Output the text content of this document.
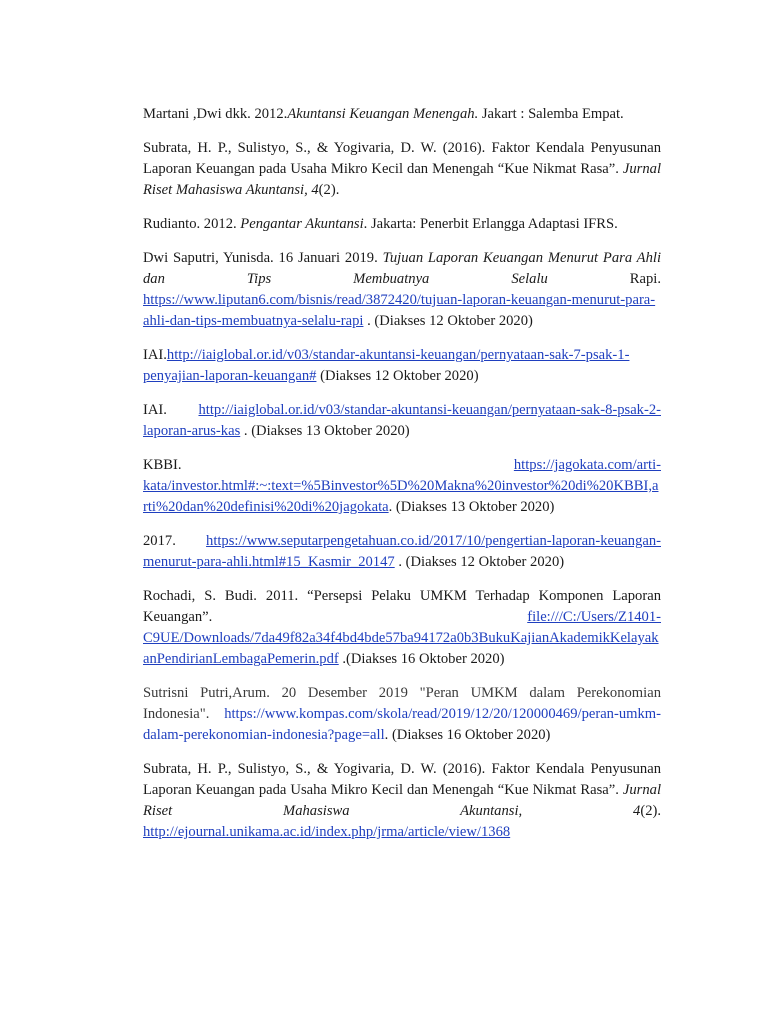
Martani ,Dwi dkk. 2012.Akuntansi Keuangan Menengah. Jakart : Salemba Empat.

Subrata, H. P., Sulistyo, S., & Yogivaria, D. W. (2016). Faktor Kendala Penyusunan Laporan Keuangan pada Usaha Mikro Kecil dan Menengah “Kue Nikmat Rasa”. Jurnal Riset Mahasiswa Akuntansi, 4(2).

Rudianto. 2012. Pengantar Akuntansi. Jakarta: Penerbit Erlangga Adaptasi IFRS.

Dwi Saputri, Yunisda. 16 Januari 2019. Tujuan Laporan Keuangan Menurut Para Ahli dan Tips Membuatnya Selalu Rapi. https://www.liputan6.com/bisnis/read/3872420/tujuan-laporan-keuangan-menurut-para-ahli-dan-tips-membuatnya-selalu-rapi . (Diakses 12 Oktober 2020)

IAI.http://iaiglobal.or.id/v03/standar-akuntansi-keuangan/pernyataan-sak-7-psak-1-penyajian-laporan-keuangan# (Diakses 12 Oktober 2020)

IAI.    http://iaiglobal.or.id/v03/standar-akuntansi-keuangan/pernyataan-sak-8-psak-2-laporan-arus-kas . (Diakses 13 Oktober 2020)

KBBI.              https://jagokata.com/arti-kata/investor.html#:~:text=%5Binvestor%5D%20Makna%20investor%20di%20KBBI,arti%20dan%20definisi%20di%20jagokata. (Diakses 13 Oktober 2020)

2017.    https://www.seputarpengetahuan.co.id/2017/10/pengertian-laporan-keuangan-menurut-para-ahli.html#15_Kasmir_20147 . (Diakses 12 Oktober 2020)

Rochadi, S. Budi. 2011. “Persepsi Pelaku UMKM Terhadap Komponen Laporan Keuangan”. file:///C:/Users/Z1401-C9UE/Downloads/7da49f82a34f4bd4bde57ba94172a0b3BukuKajianAkademikKelayakanPendirianLembagaPemerin.pdf .(Diakses 16 Oktober 2020)

Sutrisni Putri,Arum. 20 Desember 2019 "Peran UMKM dalam Perekonomian Indonesia". https://www.kompas.com/skola/read/2019/12/20/120000469/peran-umkm-dalam-perekonomian-indonesia?page=all. (Diakses 16 Oktober 2020)

Subrata, H. P., Sulistyo, S., & Yogivaria, D. W. (2016). Faktor Kendala Penyusunan Laporan Keuangan pada Usaha Mikro Kecil dan Menengah “Kue Nikmat Rasa”. Jurnal Riset Mahasiswa Akuntansi, 4(2). http://ejournal.unikama.ac.id/index.php/jrma/article/view/1368
